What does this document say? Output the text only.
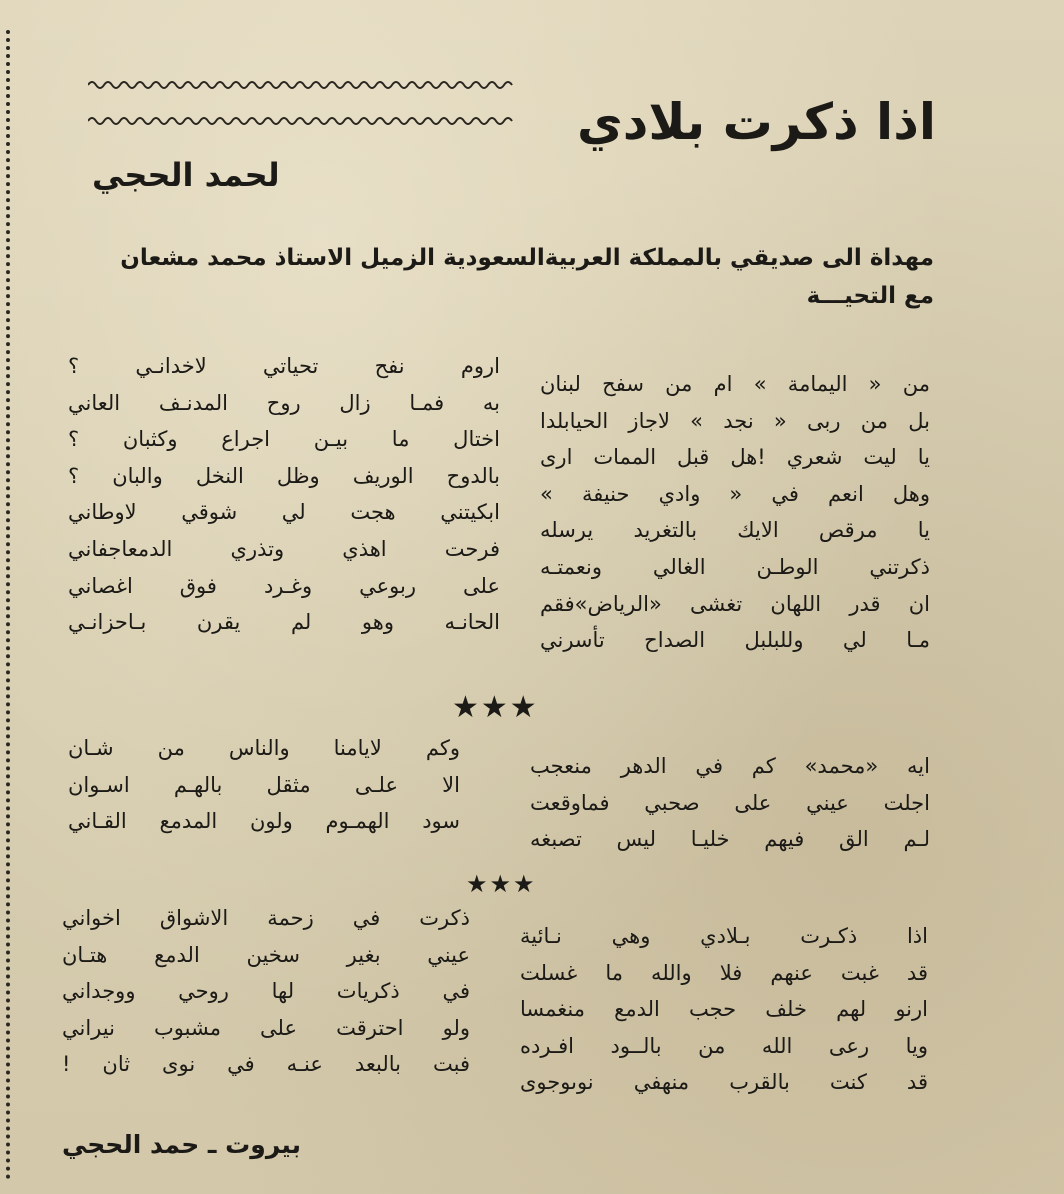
اذا ذكرت بلادي
لحمد الحجي
مهداة الى صديقي بالمملكة العربيةالسعودية الزميل الاستاذ محمد مشعان
مع التحيـــة
من « اليمامة » ام من سفح لبنان
بل من ربى « نجد » لاجاز الحيابلدا
يا ليت شعري !هل قبل الممات ارى
وهل انعم في « وادي حنيفة »
يا مرقص الايك بالتغريد يرسله
ذكرتني الوطـن الغالي ونعمتـه
ان قدر اللهان تغشى «الرياض»فقم
مـا لي وللبلبل الصداح تأسرني
اروم نفح تحياتي لاخدانـي ؟
به فمـا زال روح المدنـف العاني
اختال ما بيـن اجراع وكثبان ؟
بالدوح الوريف وظل النخل والبان ؟
ابكيتني هجت لي شوقي لاوطاني
فرحت اهذي وتذري الدمعاجفاني
على ربوعي وغـرد فوق اغصاني
الحانـه وهو لم يقرن بـاحزانـي
★★★
ايه «محمد» كم في الدهر منعجب
اجلت عيني على صحبي فماوقعت
لـم الق فيهم خليـا ليس تصبغه
وكم لايامنا والناس من شـان
الا علـى مثقل بالهـم اسـوان
سود الهمـوم ولون المدمع القـاني
★★★
اذا ذكـرت بـلادي وهي نـائية
قد غبت عنهم فلا والله ما غسلت
ارنو لهم خلف حجب الدمع منغمسا
ويا رعى الله من بالــود افـرده
قد كنت بالقرب منهفي نوىوجوى
ذكرت في زحمة الاشواق اخواني
عيني بغير سخين الدمع هتـان
في ذكريات لها روحي ووجداني
ولو احترقت على مشبوب نيراني
فبت بالبعد عنـه في نوى ثان !
بيروت ـ حمد الحجي
